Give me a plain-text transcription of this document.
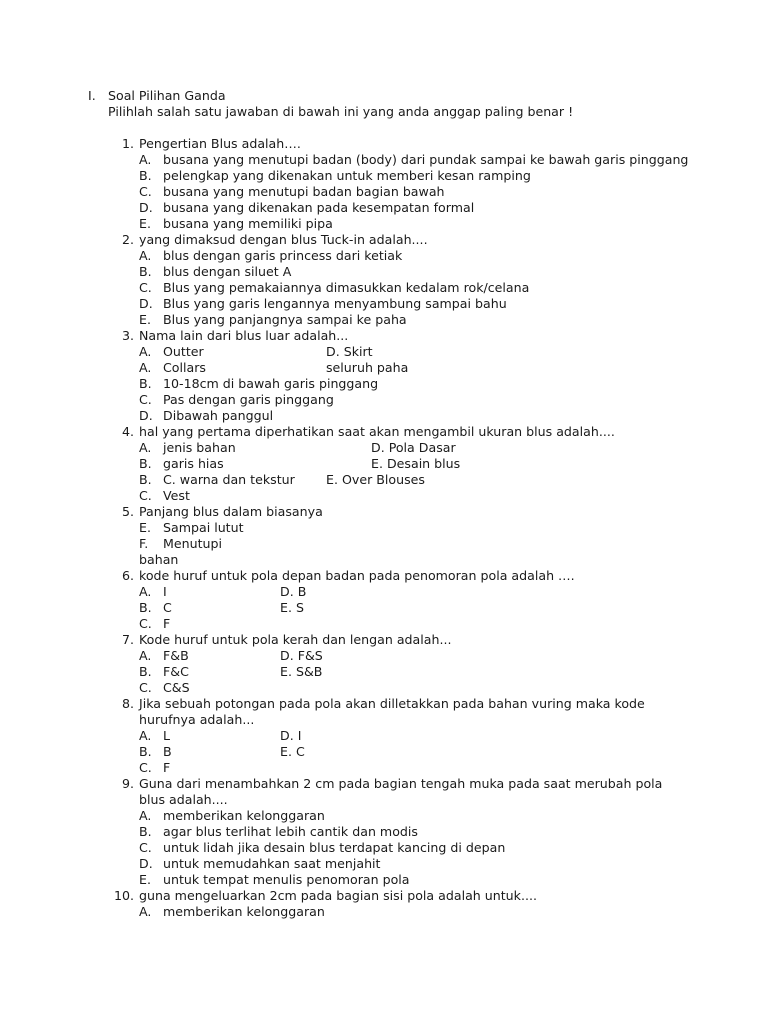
I. Soal Pilihan Ganda
Pilihlah salah satu jawaban di bawah ini yang anda anggap paling benar !
1. Pengertian Blus adalah….
A. busana yang menutupi badan (body) dari pundak sampai ke bawah garis pinggang
B. pelengkap yang dikenakan untuk memberi kesan ramping
C. busana yang menutupi badan bagian bawah
D. busana yang dikenakan pada kesempatan formal
E. busana yang memiliki pipa
2. yang dimaksud dengan blus Tuck-in adalah....
A. blus dengan garis princess dari ketiak
B. blus dengan siluet A
C. Blus yang pemakaiannya dimasukkan kedalam rok/celana
D. Blus yang garis lengannya menyambung sampai bahu
E. Blus yang panjangnya sampai ke paha
3. Nama lain dari blus luar adalah...
A. Outter	D. Skirt
A. Collars	seluruh paha
B. 10-18cm di bawah garis pinggang
C. Pas dengan garis pinggang
D. Dibawah panggul
4. hal yang pertama diperhatikan saat akan mengambil ukuran blus adalah....
A. jenis bahan	D. Pola Dasar
B. garis hias	E. Desain blus
B. C. warna dan tekstur E. Over Blouses
C. Vest
5. Panjang blus dalam biasanya
E. Sampai lutut
F. Menutupi
bahan
6. kode huruf untuk pola depan badan pada penomoran pola adalah ….
A. I	D. B
B. C	E. S
C. F
7. Kode huruf untuk pola kerah dan lengan adalah...
A. F&B	D. F&S
B. F&C	E. S&B
C. C&S
8. Jika sebuah potongan pada pola akan dilletakkan pada bahan vuring maka kode
hurufnya adalah...
A. L	D. I
B. B	E. C
C. F
9. Guna dari menambahkan 2 cm pada bagian tengah muka pada saat merubah pola
blus adalah....
A. memberikan kelonggaran
B. agar blus terlihat lebih cantik dan modis
C. untuk lidah jika desain blus terdapat kancing di depan
D. untuk memudahkan saat menjahit
E. untuk tempat menulis penomoran pola
10. guna mengeluarkan 2cm pada bagian sisi pola adalah untuk....
A. memberikan kelonggaran
